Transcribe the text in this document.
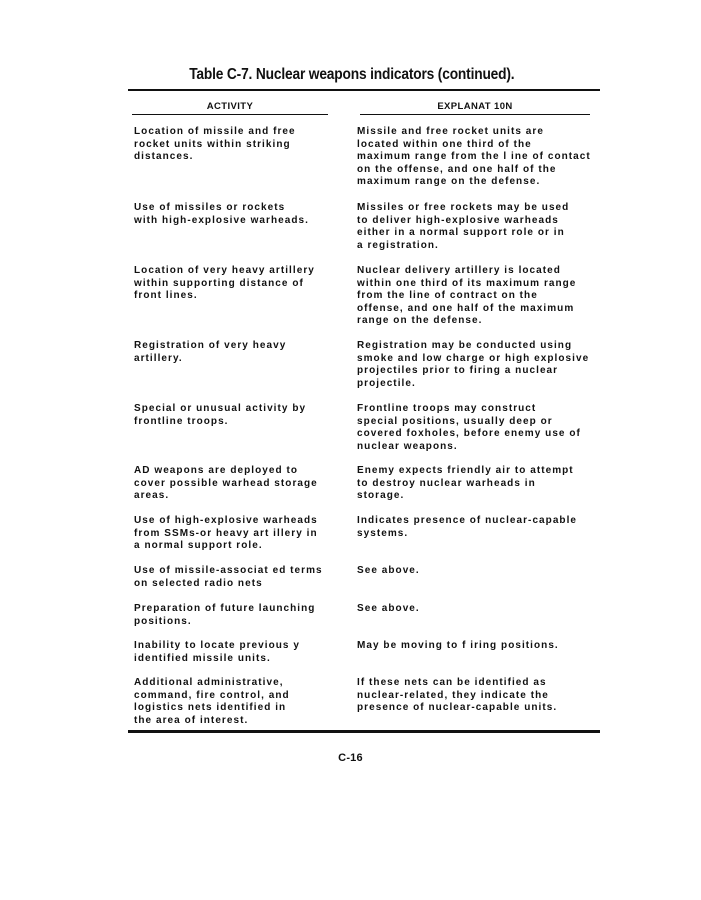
Table C-7. Nuclear weapons indicators (continued).
ACTIVITY	EXPLANAT 10N
Location of missile and free
rocket units within striking
distances.
Missile and free rocket units are
located within one third of the
maximum range from the l ine of contact
on the offense, and one half of the
maximum range on the defense.
Use of missiles or rockets
with high-explosive warheads.
Missiles or free rockets may be used
to deliver high-explosive warheads
either in a normal support role or in
a registration.
Location of very heavy artillery
within supporting distance of
front lines.
Nuclear delivery artillery is located
within one third of its maximum range
from the line of contract on the
offense, and one half of the maximum
range on the defense.
Registration of very heavy
artillery.
Registration may be conducted using
smoke and low charge or high explosive
projectiles prior to firing a nuclear
projectile.
Special or unusual activity by
frontline troops.
Frontline troops may construct
special positions, usually deep or
covered foxholes, before enemy use of
nuclear weapons.
AD weapons are deployed to
cover possible warhead storage
areas.
Enemy expects friendly air to attempt
to destroy nuclear warheads in
storage.
Use of high-explosive warheads
from SSMs-or heavy art illery in
a normal support role.
Indicates presence of nuclear-capable
systems.
Use of missile-associat ed terms
on selected radio nets
See above.
Preparation of future launching
positions.
See above.
Inability to locate previous y
identified missile units.
May be moving to f iring positions.
Additional administrative,
command, fire control, and
logistics nets identified in
the area of interest.
If these nets can be identified as
nuclear-related, they indicate the
presence of nuclear-capable units.
C-16
